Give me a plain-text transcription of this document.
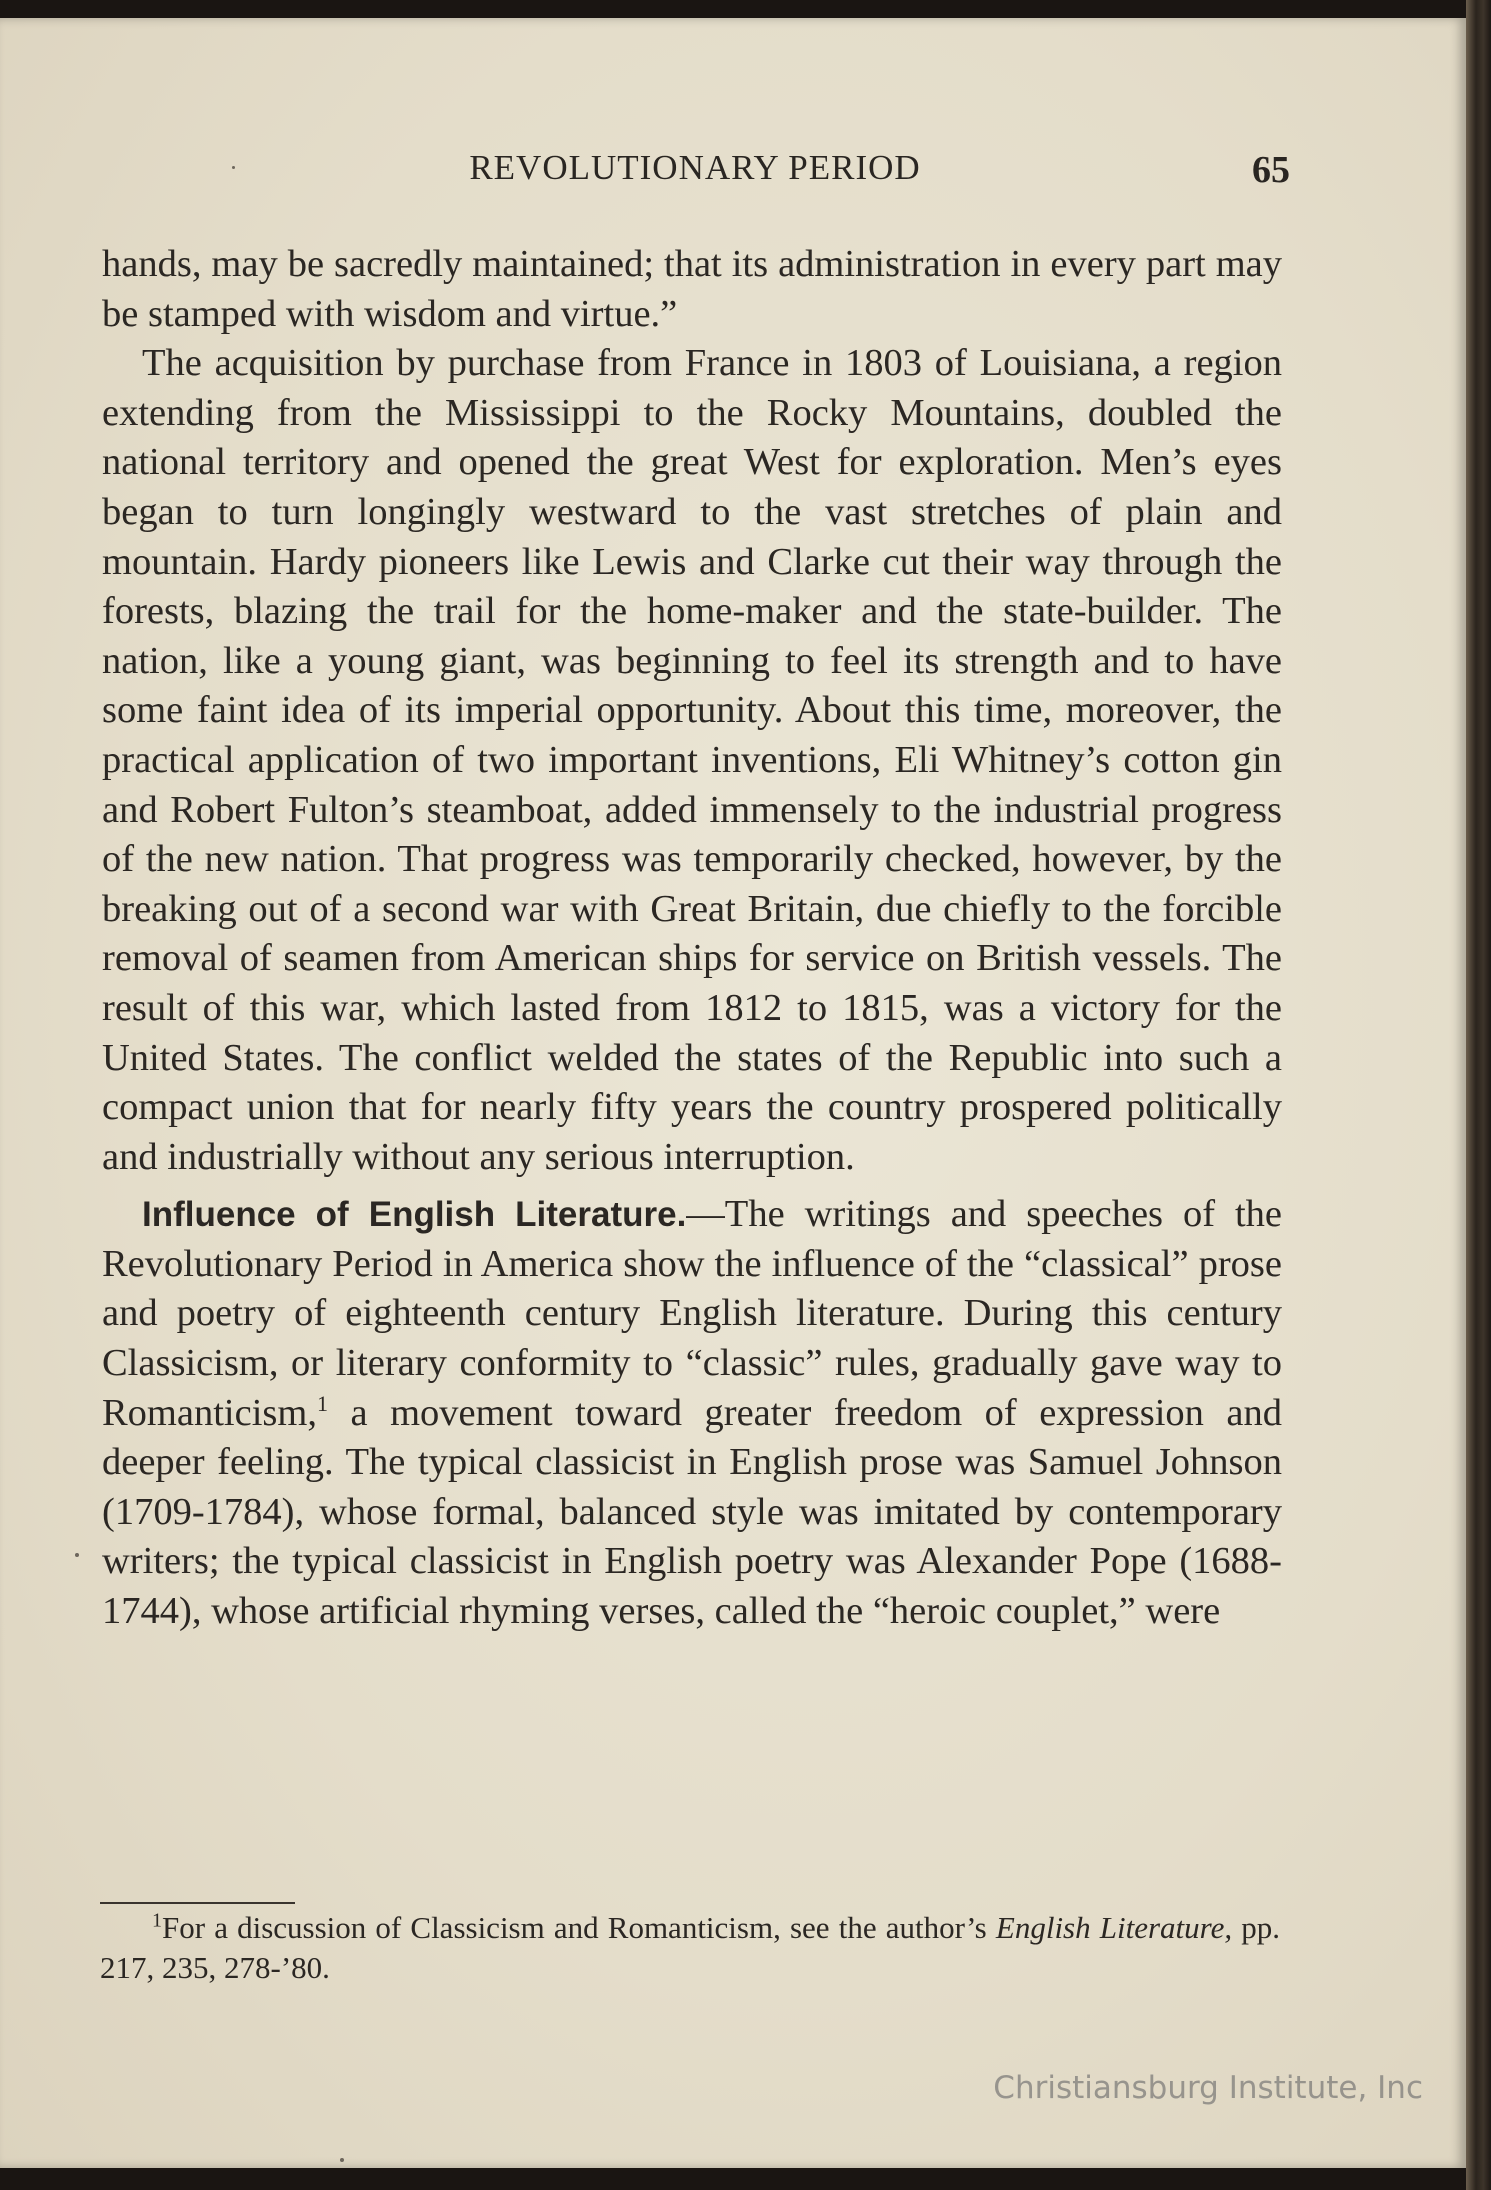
REVOLUTIONARY PERIOD	65

hands, may be sacredly maintained; that its administration in every part may be stamped with wisdom and virtue.”

The acquisition by purchase from France in 1803 of Louisiana, a region extending from the Mississippi to the Rocky Mountains, doubled the national territory and opened the great West for exploration. Men’s eyes began to turn longingly westward to the vast stretches of plain and mountain. Hardy pioneers like Lewis and Clarke cut their way through the forests, blazing the trail for the home-maker and the state-builder. The nation, like a young giant, was beginning to feel its strength and to have some faint idea of its imperial opportunity. About this time, moreover, the practical application of two important inventions, Eli Whitney’s cotton gin and Robert Fulton’s steamboat, added immensely to the industrial progress of the new nation. That progress was temporarily checked, however, by the breaking out of a second war with Great Britain, due chiefly to the forcible removal of seamen from American ships for service on British vessels. The result of this war, which lasted from 1812 to 1815, was a victory for the United States. The conflict welded the states of the Republic into such a compact union that for nearly fifty years the country prospered politically and industrially without any serious interruption.

Influence of English Literature.—The writings and speeches of the Revolutionary Period in America show the influence of the “classical” prose and poetry of eighteenth century English literature. During this century Classicism, or literary conformity to “classic” rules, gradually gave way to Romanticism,$^1$ a movement toward greater freedom of expression and deeper feeling. The typical classicist in English prose was Samuel Johnson (1709-1784), whose formal, balanced style was imitated by contemporary writers; the typical classicist in English poetry was Alexander Pope (1688-1744), whose artificial rhyming verses, called the “heroic couplet,” were

$^1$For a discussion of Classicism and Romanticism, see the author’s English Literature, pp. 217, 235, 278-’80.
Christiansburg Institute, Inc
